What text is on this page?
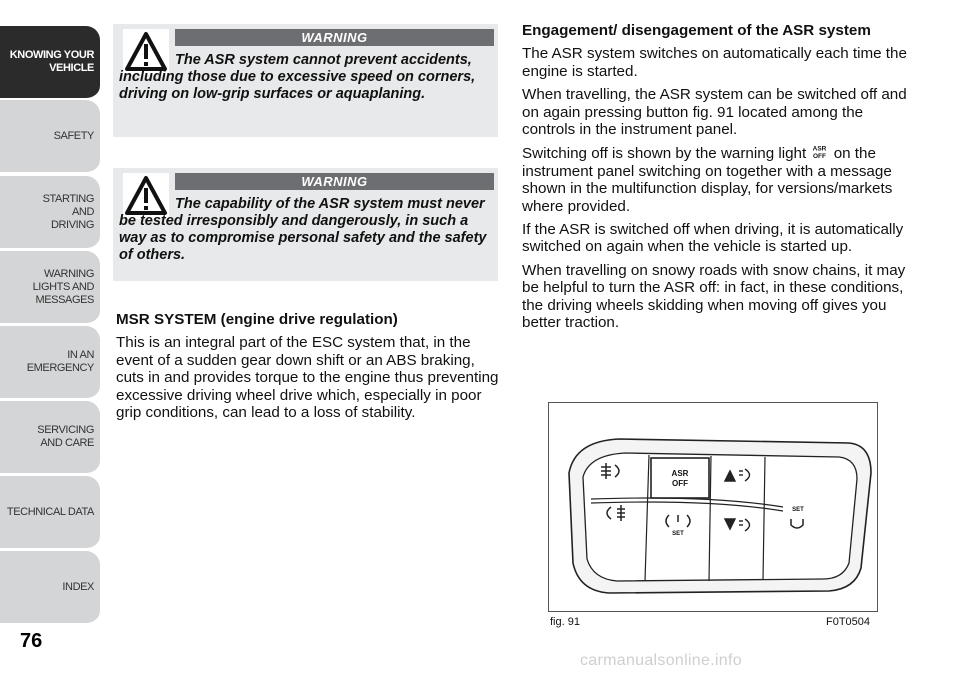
KNOWING YOUR VEHICLE
SAFETY
STARTING AND DRIVING
WARNING LIGHTS AND MESSAGES
IN AN EMERGENCY
SERVICING AND CARE
TECHNICAL DATA
INDEX
76
WARNING
The ASR system cannot prevent accidents, including those due to excessive speed on corners, driving on low-grip surfaces or aquaplaning.
WARNING
The capability of the ASR system must never be tested irresponsibly and dangerously, in such a way as to compromise personal safety and the safety of others.
MSR SYSTEM (engine drive regulation)

This is an integral part of the ESC system that, in the event of a sudden gear down shift or an ABS braking, cuts in and provides torque to the engine thus preventing excessive driving wheel drive which, especially in poor grip conditions, can lead to a loss of stability.

Engagement/ disengagement of the ASR system

The ASR system switches on automatically each time the engine is started.

When travelling, the ASR system can be switched off and on again pressing button fig. 91 located among the controls in the instrument panel.

Switching off is shown by the warning light ASR
OFF on the instrument panel switching on together with a message shown in the multifunction display, for versions/markets where provided.

If the ASR is switched off when driving, it is automatically switched on again when the vehicle is started up.

When travelling on snowy roads with snow chains, it may be helpful to turn the ASR off: in fact, in these conditions, the driving wheels skidding when moving off gives you better traction.

ASR
OFF
SET
SET
fig. 91	F0T0504
carmanualsonline.info
